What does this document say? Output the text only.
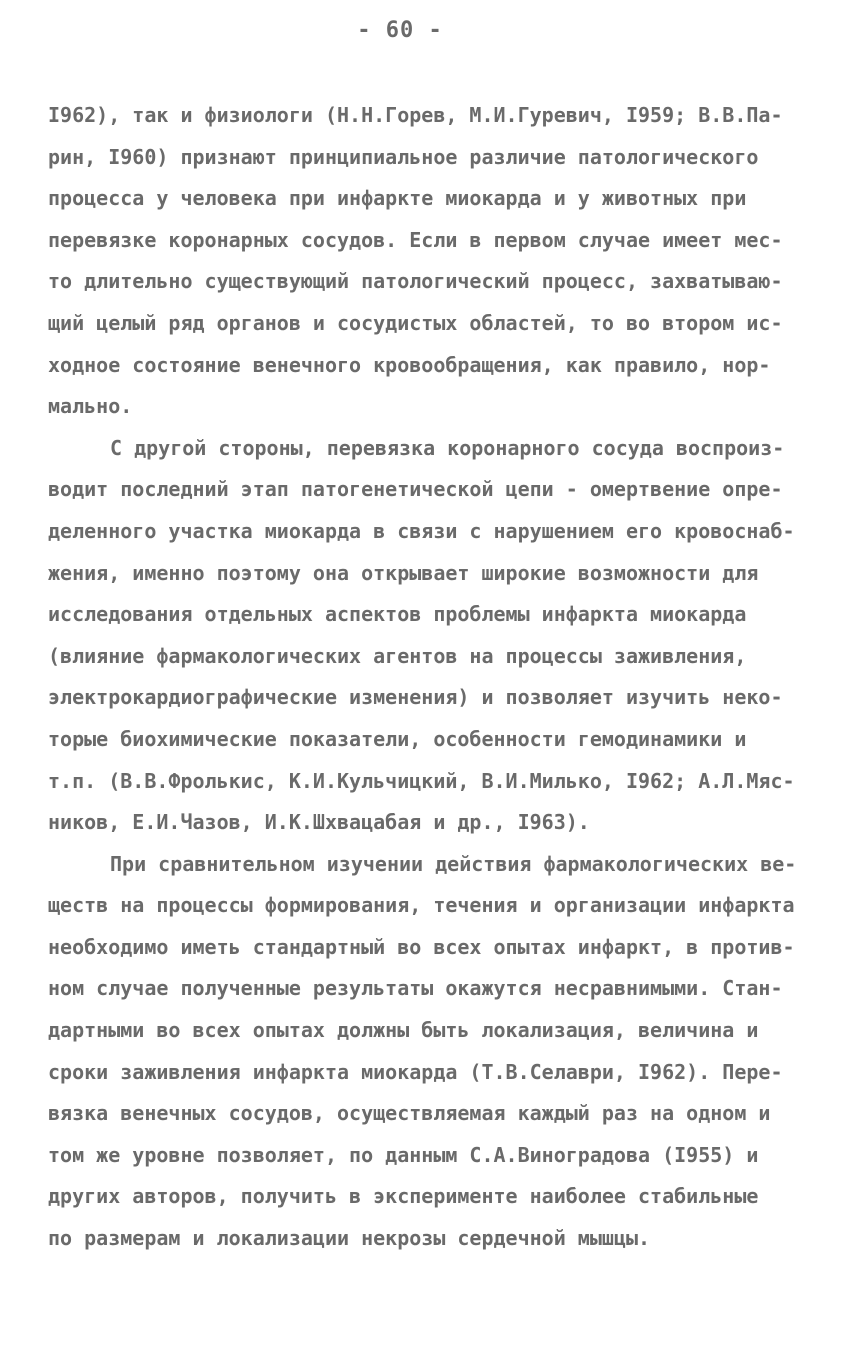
- 60 -
I962), так и физиологи (Н.Н.Горев, М.И.Гуревич, I959; В.В.Па-
рин, I960) признают принципиальное различие патологического
процесса у человека при инфаркте миокарда и у животных при
перевязке коронарных сосудов. Если в первом случае имеет мес-
то длительно существующий патологический процесс, захватываю-
щий целый ряд органов и сосудистых областей, то во втором ис-
ходное состояние венечного кровообращения, как правило, нор-
мально.
С другой стороны, перевязка коронарного сосуда воспроиз-
водит последний этап патогенетической цепи - омертвение опре-
деленного участка миокарда в связи с нарушением его кровоснаб-
жения, именно поэтому она открывает широкие возможности для
исследования отдельных аспектов проблемы инфаркта миокарда
(влияние фармакологических агентов на процессы заживления,
электрокардиографические изменения) и позволяет изучить неко-
торые биохимические показатели, особенности гемодинамики и
т.п. (В.В.Фролькис, К.И.Кульчицкий, В.И.Милько, I962; А.Л.Мяс-
ников, Е.И.Чазов, И.К.Шхвацабая и др., I963).
При сравнительном изучении действия фармакологических ве-
ществ на процессы формирования, течения и организации инфаркта
необходимо иметь стандартный во всех опытах инфаркт, в против-
ном случае полученные результаты окажутся несравнимыми. Стан-
дартными во всех опытах должны быть локализация, величина и
сроки заживления инфаркта миокарда (Т.В.Селаври, I962). Пере-
вязка венечных сосудов, осуществляемая каждый раз на одном и
том же уровне позволяет, по данным С.А.Виноградова (I955) и
других авторов, получить в эксперименте наиболее стабильные
по размерам и локализации некрозы сердечной мышцы.
